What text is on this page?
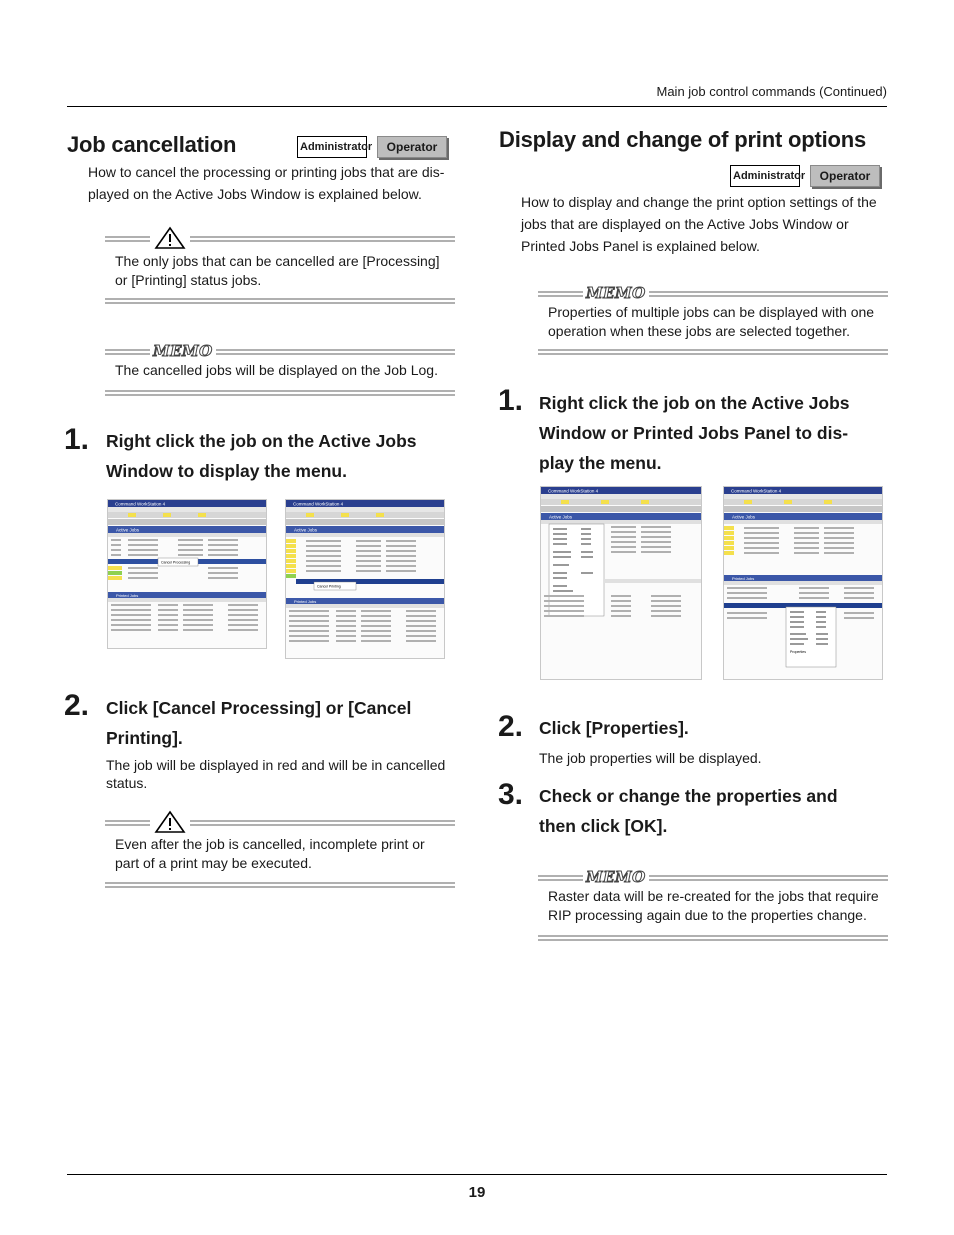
Main job control commands (Continued)
Job cancellation	Administrator	Operator
How to cancel the processing or printing jobs that are dis-
played on the Active Jobs Window is explained below.
The only jobs that can be cancelled are [Processing]
or [Printing] status jobs.
MEMO
The cancelled jobs will be displayed on the Job Log.
1. Right click the job on the Active Jobs
Window to display the menu.
Command WorkStation 4
Active Jobs
Cancel Processing
Printed Jobs
Command WorkStation 4
Active Jobs
Cancel Printing
Printed Jobs
2. Click [Cancel Processing] or [Cancel
Printing].
The job will be displayed in red and will be in cancelled
status.
Even after the job is cancelled, incomplete print or
part of a print may be executed.
Display and change of print options
Administrator	Operator
How to display and change the print option settings of the
jobs that are displayed on the Active Jobs Window or
Printed Jobs Panel is explained below.
MEMO
Properties of multiple jobs can be displayed with one
operation when these jobs are selected together.
1. Right click the job on the Active Jobs
Window or Printed Jobs Panel to dis-
play the menu.
Command WorkStation 4
Active Jobs
Command WorkStation 4
Active Jobs
Printed Jobs
Properties
2. Click [Properties].
The job properties will be displayed.
3. Check or change the properties and
then click [OK].
MEMO
Raster data will be re-created for the jobs that require
RIP processing again due to the properties change.
19
